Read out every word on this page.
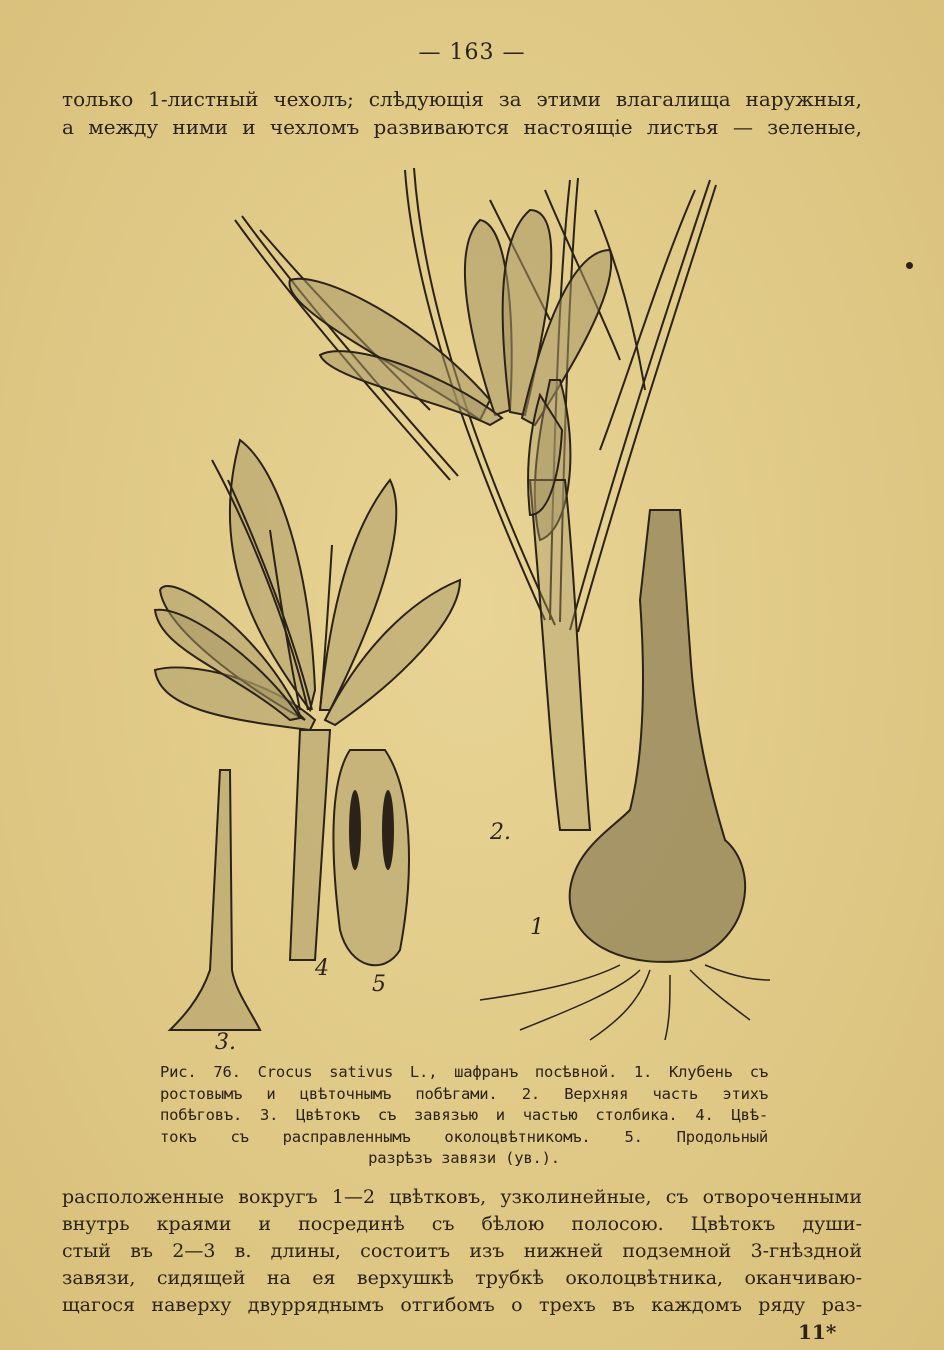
— 163 —
только 1-листный чехолъ; слѣдующія за этими влагалища наружныя,
а между ними и чехломъ развиваются настоящіе листья — зеленые,
1
2.
3.
4
5
Рис. 76. Crocus sativus L., шафранъ посѣвной. 1. Клубень съ
ростовымъ и цвѣточнымъ побѣгами. 2. Верхняя часть этихъ
побѣговъ. 3. Цвѣтокъ съ завязью и частью столбика. 4. Цвѣ-
токъ съ расправленнымъ околоцвѣтникомъ. 5. Продольный
разрѣзъ завязи (ув.).
расположенные вокругъ 1—2 цвѣтковъ, узколинейные, съ отвороченными внутрь краями и посрединѣ съ бѣлою полосою. Цвѣтокъ души-
стый въ 2—3 в. длины, состоитъ изъ нижней подземной 3-гнѣздной
завязи, сидящей на ея верхушкѣ трубкѣ околоцвѣтника, оканчиваю-
щагося наверху двурряднымъ отгибомъ о трехъ въ каждомъ ряду раз-
11*
